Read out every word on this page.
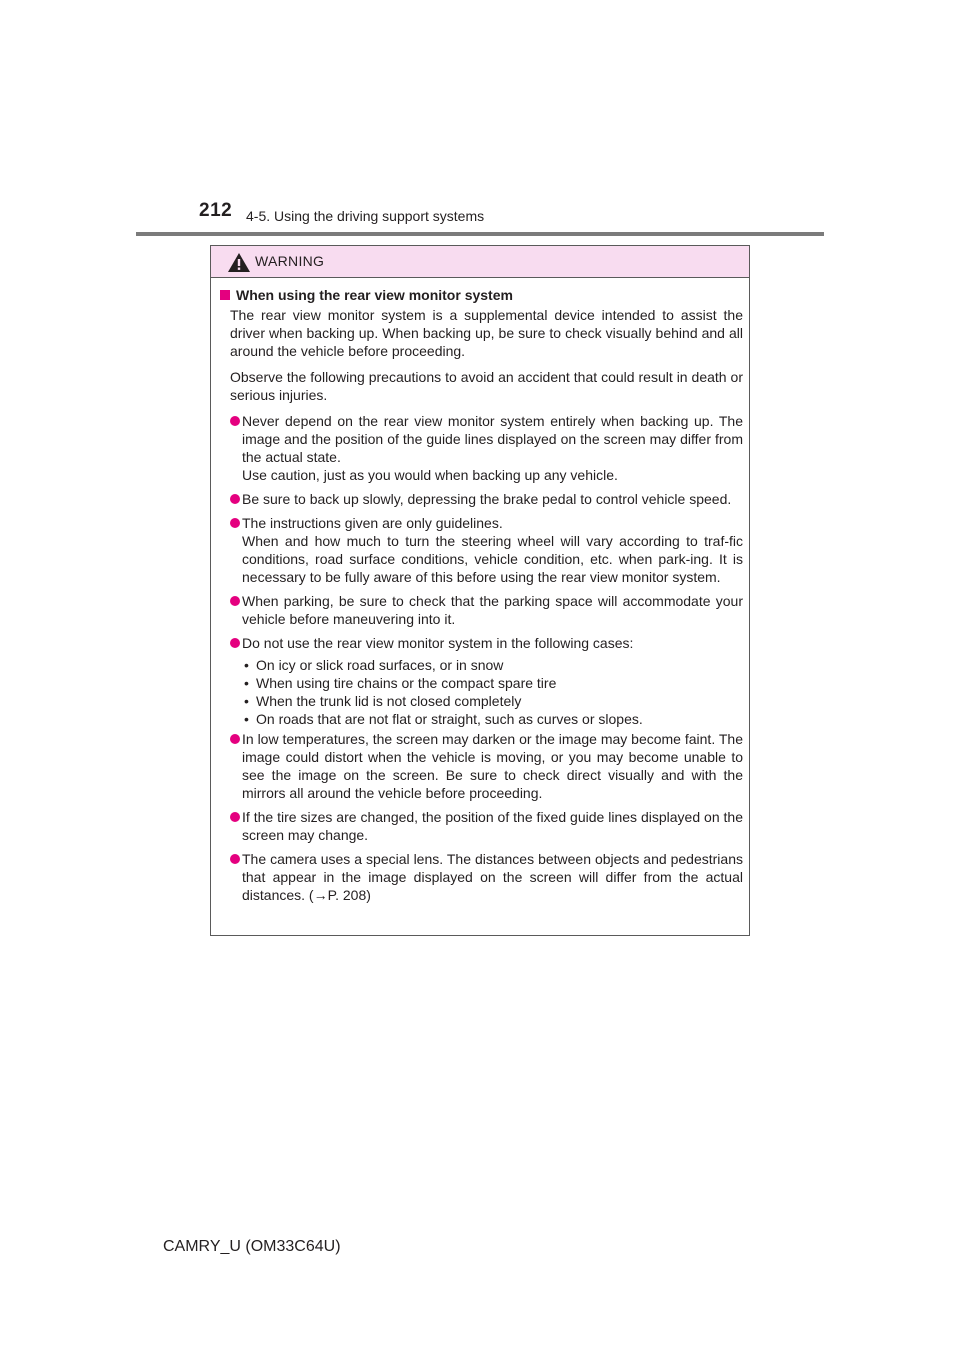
212 4-5. Using the driving support systems
WARNING
When using the rear view monitor system
The rear view monitor system is a supplemental device intended to assist the driver when backing up. When backing up, be sure to check visually behind and all around the vehicle before proceeding.
Observe the following precautions to avoid an accident that could result in death or serious injuries.
Never depend on the rear view monitor system entirely when backing up. The image and the position of the guide lines displayed on the screen may differ from the actual state.
Use caution, just as you would when backing up any vehicle.
Be sure to back up slowly, depressing the brake pedal to control vehicle speed.
The instructions given are only guidelines.
When and how much to turn the steering wheel will vary according to traf-fic conditions, road surface conditions, vehicle condition, etc. when park-ing. It is necessary to be fully aware of this before using the rear view monitor system.
When parking, be sure to check that the parking space will accommodate your vehicle before maneuvering into it.
Do not use the rear view monitor system in the following cases:
• On icy or slick road surfaces, or in snow
• When using tire chains or the compact spare tire
• When the trunk lid is not closed completely
• On roads that are not flat or straight, such as curves or slopes.
In low temperatures, the screen may darken or the image may become faint. The image could distort when the vehicle is moving, or you may become unable to see the image on the screen. Be sure to check direct visually and with the mirrors all around the vehicle before proceeding.
If the tire sizes are changed, the position of the fixed guide lines displayed on the screen may change.
The camera uses a special lens. The distances between objects and pedestrians that appear in the image displayed on the screen will differ from the actual distances. (→P. 208)
CAMRY_U (OM33C64U)
